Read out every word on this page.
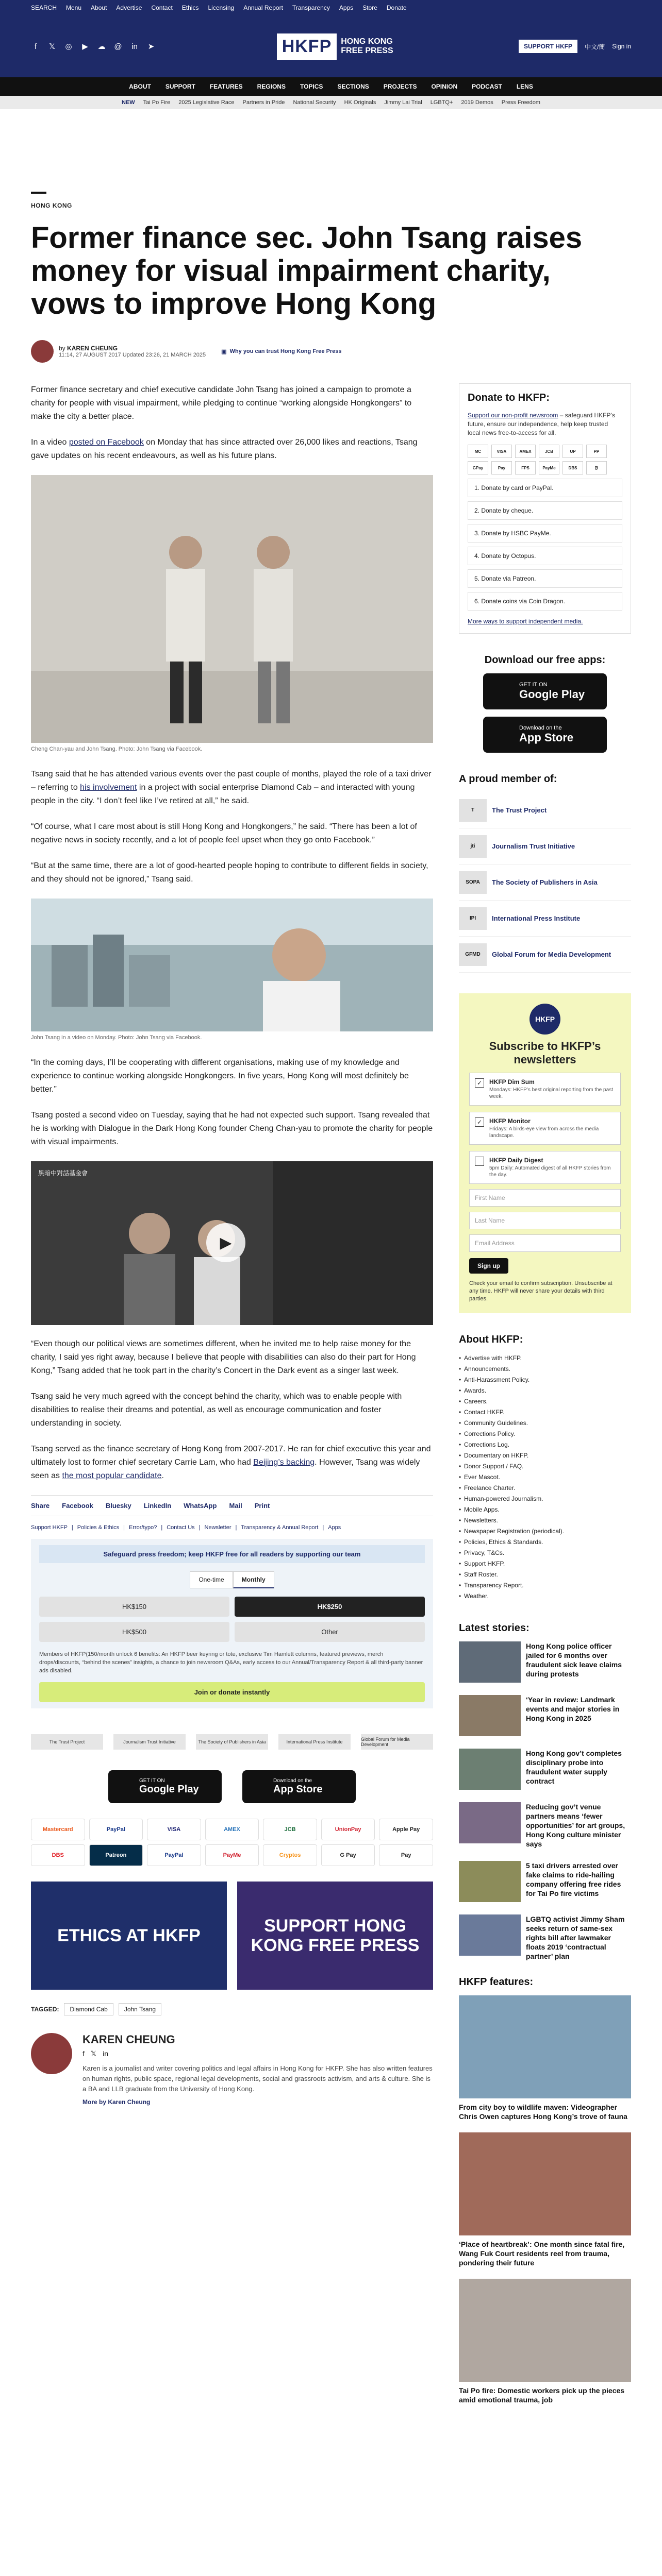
SEARCH Menu About Advertise Contact Ethics Licensing Annual Report Transparency Apps Store Donate
f	𝕏 ◎ ▶ ☁ @ in ➤	HKFP	HONG KONG FREE PRESS	SUPPORT HKFP	中文/簡 Sign in
ABOUT SUPPORT FEATURES REGIONS TOPICS SECTIONS PROJECTS OPINION PODCAST LENS
NEW Tai Po Fire 2025 Legislative Race Partners in Pride National Security HK Originals Jimmy Lai Trial LGBTQ+ 2019 Demos Press Freedom
HONG KONG
Former finance sec. John Tsang raises money for visual impairment charity, vows to improve Hong Kong
by KAREN CHEUNG
11:14, 27 AUGUST 2017 Updated 23:26, 21 MARCH 2025
▣ Why you can trust Hong Kong Free Press

Former finance secretary and chief executive candidate John Tsang has joined a campaign to promote a charity for people with visual impairment, while pledging to continue “working alongside Hongkongers” to make the city a better place.

In a video posted on Facebook on Monday that has since attracted over 26,000 likes and reactions, Tsang gave updates on his recent endeavours, as well as his future plans.

Cheng Chan-yau and John Tsang. Photo: John Tsang via Facebook.

Tsang said that he has attended various events over the past couple of months, played the role of a taxi driver – referring to his involvement in a project with social enterprise Diamond Cab – and interacted with young people in the city. “I don’t feel like I’ve retired at all,” he said.

“Of course, what I care most about is still Hong Kong and Hongkongers,” he said. “There has been a lot of negative news in society recently, and a lot of people feel upset when they go onto Facebook.”

“But at the same time, there are a lot of good-hearted people hoping to contribute to different fields in society, and they should not be ignored,” Tsang said.

John Tsang in a video on Monday. Photo: John Tsang via Facebook.

“In the coming days, I’ll be cooperating with different organisations, making use of my knowledge and experience to continue working alongside Hongkongers. In five years, Hong Kong will most definitely be better.”

Tsang posted a second video on Tuesday, saying that he had not expected such support. Tsang revealed that he is working with Dialogue in the Dark Hong Kong founder Cheng Chan-yau to promote the charity for people with visual impairments.

黑暗中對話基金會
▶

“Even though our political views are sometimes different, when he invited me to help raise money for the charity, I said yes right away, because I believe that people with disabilities can also do their part for Hong Kong,” Tsang added that he took part in the charity’s Concert in the Dark event as a singer last week.

Tsang said he very much agreed with the concept behind the charity, which was to enable people with disabilities to realise their dreams and potential, as well as encourage communication and foster understanding in society.

Tsang served as the finance secretary of Hong Kong from 2007-2017. He ran for chief executive this year and ultimately lost to former chief secretary Carrie Lam, who had Beijing’s backing. However, Tsang was widely seen as the most popular candidate.

Share Facebook Bluesky LinkedIn WhatsApp Mail Print
Support HKFP | Policies & Ethics | Error/typo? | Contact Us | Newsletter | Transparency & Annual Report | Apps
Safeguard press freedom; keep HKFP free for all readers by supporting our team
One-time	Monthly
HK$150	HK$250
HK$500	Other
Members of HKFP(150/month unlock 6 benefits: An HKFP beer keyring or tote, exclusive Tim Hamlett columns, featured previews, merch drops/discounts, “behind the scenes” insights, a chance to join newsroom Q&As, early access to our Annual/Transparency Report & all third-party banner ads disabled.
Join or donate instantly
The Trust Project	Journalism Trust Initiative	The Society of Publishers in Asia	International Press Institute	Global Forum for Media Development
GET IT ON
Google Play
Download on the
App Store
Mastercard	PayPal	VISA	AMEX	JCB	UnionPay	Apple Pay
DBS	Patreon	PayPal	PayMe	Cryptos	G Pay	Pay
ETHICS AT HKFP	SUPPORT HONG KONG FREE PRESS
TAGGED:	Diamond Cab	John Tsang
KAREN CHEUNG
f 𝕏 in
Karen is a journalist and writer covering politics and legal affairs in Hong Kong for HKFP. She has also written features on human rights, public space, regional legal developments, social and grassroots activism, and arts & culture. She is a BA and LLB graduate from the University of Hong Kong.
More by Karen Cheung
Donate to HKFP:

Support our non-profit newsroom – safeguard HKFP’s future, ensure our independence, help keep trusted local news free-to-access for all.

MC	VISA	AMEX	JCB	UP	PP
GPay	Pay	FPS	PayMe	DBS	₿
1. Donate by card or PayPal.
2. Donate by cheque.
3. Donate by HSBC PayMe.
4. Donate by Octopus.
5. Donate via Patreon.
6. Donate coins via Coin Dragon.
More ways to support independent media.
Download our free apps:
GET IT ON
Google Play
Download on the
App Store
A proud member of:
T	The Trust Project
jti	Journalism Trust Initiative
SOPA	The Society of Publishers in Asia
IPI	International Press Institute
GFMD	Global Forum for Media Development
HKFP
Subscribe to HKFP’s newsletters
✓	HKFP Dim Sum
Mondays: HKFP’s best original reporting from the past week.
✓	HKFP Monitor
Fridays: A birds-eye view from across the media landscape.
HKFP Daily Digest
5pm Daily: Automated digest of all HKFP stories from the day.
First Name
Last Name
Email Address
Sign up
Check your email to confirm subscription. Unsubscribe at any time. HKFP will never share your details with third parties.
About HKFP:
• Advertise with HKFP.
• Announcements.
• Anti-Harassment Policy.
• Awards.
• Careers.
• Contact HKFP.
• Community Guidelines.
• Corrections Policy.
• Corrections Log.
• Documentary on HKFP.
• Donor Support / FAQ.
• Ever Mascot.
• Freelance Charter.
• Human-powered Journalism.
• Mobile Apps.
• Newsletters.
• Newspaper Registration (periodical).
• Policies, Ethics & Standards.
• Privacy, T&Cs.
• Support HKFP.
• Staff Roster.
• Transparency Report.
• Weather.
Latest stories:
Hong Kong police officer jailed for 6 months over fraudulent sick leave claims during protests
‘Year in review: Landmark events and major stories in Hong Kong in 2025
Hong Kong gov’t completes disciplinary probe into fraudulent water supply contract
Reducing gov’t venue partners means ‘fewer opportunities’ for art groups, Hong Kong culture minister says
5 taxi drivers arrested over fake claims to ride-hailing company offering free rides for Tai Po fire victims
LGBTQ activist Jimmy Sham seeks return of same-sex rights bill after lawmaker floats 2019 ‘contractual partner’ plan
HKFP features:
From city boy to wildlife maven: Videographer Chris Owen captures Hong Kong’s trove of fauna
‘Place of heartbreak’: One month since fatal fire, Wang Fuk Court residents reel from trauma, pondering their future
Tai Po fire: Domestic workers pick up the pieces amid emotional trauma, job
